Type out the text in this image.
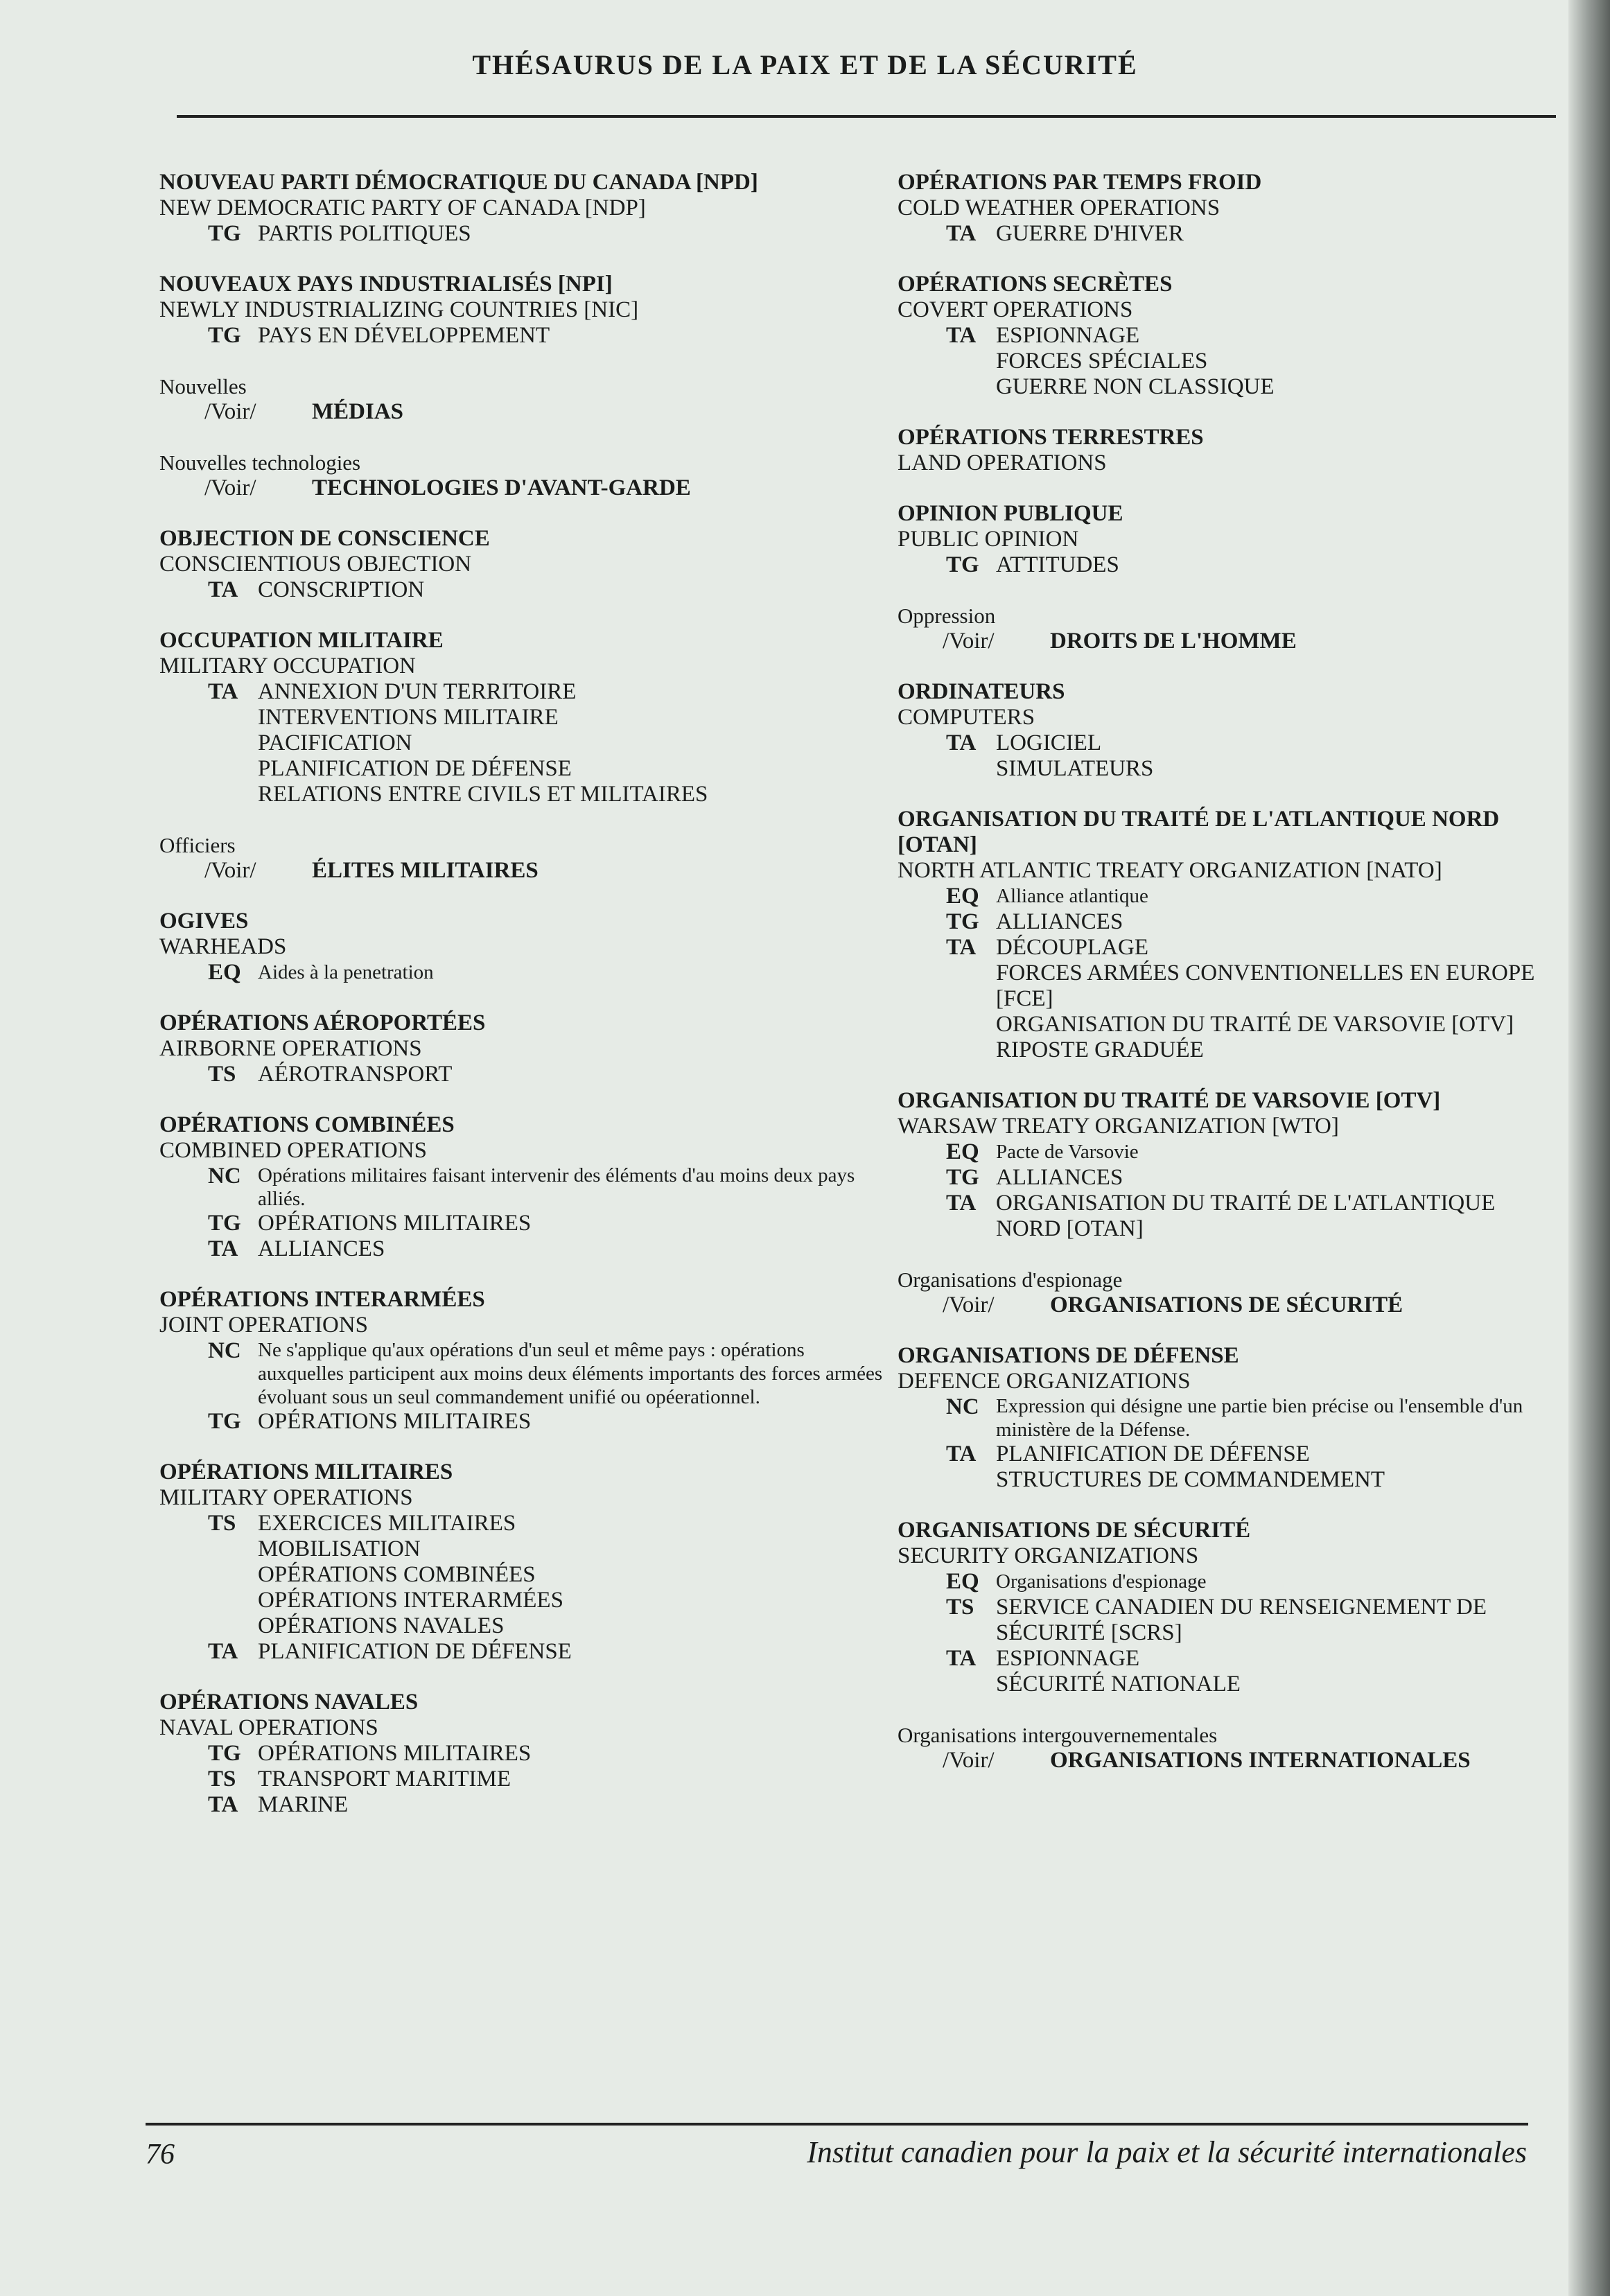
THÉSAURUS DE LA PAIX ET DE LA SÉCURITÉ
NOUVEAU PARTI DÉMOCRATIQUE DU CANADA [NPD]
NEW DEMOCRATIC PARTY OF CANADA [NDP]
TG PARTIS POLITIQUES
NOUVEAUX PAYS INDUSTRIALISÉS [NPI]
NEWLY INDUSTRIALIZING COUNTRIES [NIC]
TG PAYS EN DÉVELOPPEMENT
Nouvelles
/Voir/	MÉDIAS
Nouvelles technologies
/Voir/	TECHNOLOGIES D'AVANT-GARDE
OBJECTION DE CONSCIENCE
CONSCIENTIOUS OBJECTION
TA CONSCRIPTION
OCCUPATION MILITAIRE
MILITARY OCCUPATION
TA ANNEXION D'UN TERRITOIRE
INTERVENTIONS MILITAIRE
PACIFICATION
PLANIFICATION DE DÉFENSE
RELATIONS ENTRE CIVILS ET MILITAIRES
Officiers
/Voir/	ÉLITES MILITAIRES
OGIVES
WARHEADS
EQ Aides à la penetration
OPÉRATIONS AÉROPORTÉES
AIRBORNE OPERATIONS
TS AÉROTRANSPORT
OPÉRATIONS COMBINÉES
COMBINED OPERATIONS
NC Opérations militaires faisant intervenir des éléments d'au moins deux pays alliés.
TG OPÉRATIONS MILITAIRES
TA ALLIANCES
OPÉRATIONS INTERARMÉES
JOINT OPERATIONS
NC Ne s'applique qu'aux opérations d'un seul et même pays : opérations auxquelles participent aux moins deux éléments importants des forces armées évoluant sous un seul commandement unifié ou opéerationnel.
TG OPÉRATIONS MILITAIRES
OPÉRATIONS MILITAIRES
MILITARY OPERATIONS
TS EXERCICES MILITAIRES
MOBILISATION
OPÉRATIONS COMBINÉES
OPÉRATIONS INTERARMÉES
OPÉRATIONS NAVALES
TA PLANIFICATION DE DÉFENSE
OPÉRATIONS NAVALES
NAVAL OPERATIONS
TG OPÉRATIONS MILITAIRES
TS TRANSPORT MARITIME
TA MARINE
OPÉRATIONS PAR TEMPS FROID
COLD WEATHER OPERATIONS
TA GUERRE D'HIVER
OPÉRATIONS SECRÈTES
COVERT OPERATIONS
TA ESPIONNAGE
FORCES SPÉCIALES
GUERRE NON CLASSIQUE
OPÉRATIONS TERRESTRES
LAND OPERATIONS
OPINION PUBLIQUE
PUBLIC OPINION
TG ATTITUDES
Oppression
/Voir/	DROITS DE L'HOMME
ORDINATEURS
COMPUTERS
TA LOGICIEL
SIMULATEURS
ORGANISATION DU TRAITÉ DE L'ATLANTIQUE NORD [OTAN]
NORTH ATLANTIC TREATY ORGANIZATION [NATO]
EQ Alliance atlantique
TG ALLIANCES
TA DÉCOUPLAGE
FORCES ARMÉES CONVENTIONELLES EN EUROPE [FCE]
ORGANISATION DU TRAITÉ DE VARSOVIE [OTV]
RIPOSTE GRADUÉE
ORGANISATION DU TRAITÉ DE VARSOVIE [OTV]
WARSAW TREATY ORGANIZATION [WTO]
EQ Pacte de Varsovie
TG ALLIANCES
TA ORGANISATION DU TRAITÉ DE L'ATLANTIQUE NORD [OTAN]
Organisations d'espionage
/Voir/	ORGANISATIONS DE SÉCURITÉ
ORGANISATIONS DE DÉFENSE
DEFENCE ORGANIZATIONS
NC Expression qui désigne une partie bien précise ou l'ensemble d'un ministère de la Défense.
TA PLANIFICATION DE DÉFENSE
STRUCTURES DE COMMANDEMENT
ORGANISATIONS DE SÉCURITÉ
SECURITY ORGANIZATIONS
EQ Organisations d'espionage
TS SERVICE CANADIEN DU RENSEIGNEMENT DE SÉCURITÉ [SCRS]
TA ESPIONNAGE
SÉCURITÉ NATIONALE
Organisations intergouvernementales
/Voir/	ORGANISATIONS INTERNATIONALES
76	Institut canadien pour la paix et la sécurité internationales
